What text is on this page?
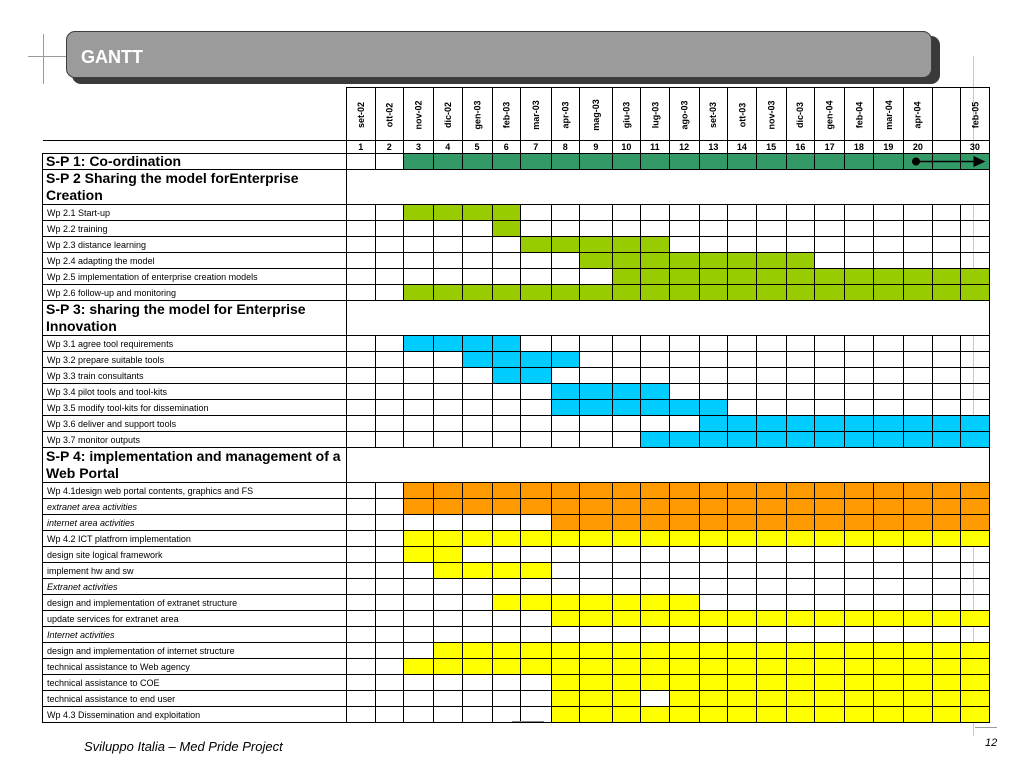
GANTT
	set-02	ott-02	nov-02	dic-02	gen-03	feb-03	mar-03	apr-03	mag-03	giu-03	lug-03	ago-03	set-03	ott-03	nov-03	dic-03	gen-04	feb-04	mar-04	apr-04		feb-05
	1	2	3	4	5	6	7	8	9	10	11	12	13	14	15	16	17	18	19	20		30
S-P 1: Co-ordination																				

S-P 2 Sharing the model forEnterprise Creation																						
Wp 2.1 Start-up																						
Wp 2.2 training																						
Wp 2.3 distance learning																						
Wp 2.4 adapting the model																						
Wp 2.5 implementation of enterprise creation models																						
Wp 2.6 follow-up and monitoring																						
S-P 3: sharing the model for Enterprise Innovation																						
Wp 3.1 agree tool requirements																						
Wp 3.2 prepare suitable tools																						
Wp 3.3 train consultants																						
Wp 3.4 pilot tools and tool-kits																						
Wp 3.5 modify tool-kits for dissemination																						
Wp 3.6 deliver and support tools																						
Wp 3.7 monitor outputs																						
S-P 4: implementation and management of a Web Portal																						
Wp 4.1design web portal contents, graphics and FS																						
extranet area activities																						
internet area activities																						
Wp 4.2 ICT platfrom implementation																						
design site logical framework																						
implement hw and sw																						
Extranet activities																						
design and implementation of extranet structure																						
update services for extranet area																						
Internet activities																						
design and implementation of internet structure																						
technical assistance to Web agency																						
technical assistance to COE																						
technical assistance to end user																						
Wp 4.3 Dissemination and exploitation																						
Sviluppo Italia – Med Pride Project	12
